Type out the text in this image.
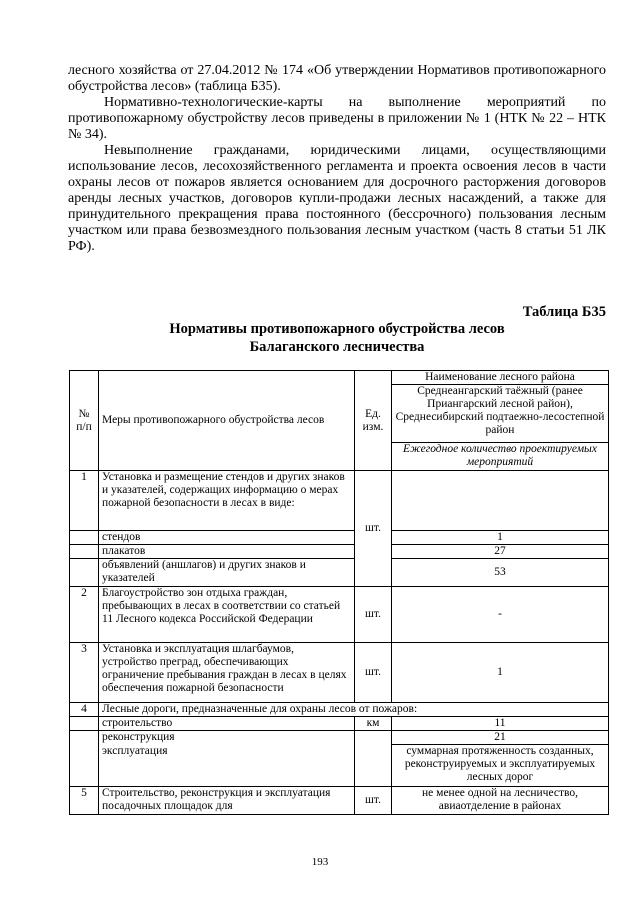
лесного хозяйства от 27.04.2012 № 174 «Об утверждении Нормативов противопожарного обустройства лесов» (таблица Б35).

Нормативно-технологические-карты на выполнение мероприятий по противопожарному обустройству лесов приведены в приложении № 1 (НТК № 22 – НТК № 34).

Невыполнение гражданами, юридическими лицами, осуществляющими использование лесов, лесохозяйственного регламента и проекта освоения лесов в части охраны лесов от пожаров является основанием для досрочного расторжения договоров аренды лесных участков, договоров купли-продажи лесных насаждений, а также для принудительного прекращения права постоянного (бессрочного) пользования лесным участком или права безвозмездного пользования лесным участком (часть 8 статьи 51 ЛК РФ).

Таблица Б35
Нормативы противопожарного обустройства лесов
Балаганского лесничества
№ п/п	Меры противопожарного обустройства лесов	Ед. изм.	Наименование лесного района
			Среднеангарский таёжный (ранее Приангарский лесной район), Среднесибирский подтаежно-лесостепной район
			Ежегодное количество проектируемых мероприятий
1	Установка и размещение стендов и других знаков и указателей, содержащих информацию о мерах пожарной безопасности в лесах в виде:	шт.	
	стендов		1
	плакатов		27
	объявлений (аншлагов) и других знаков и указателей		53
2	Благоустройство зон отдыха граждан, пребывающих в лесах в соответствии со статьей 11 Лесного кодекса Российской Федерации	шт.	-
3	Установка и эксплуатация шлагбаумов, устройство преград, обеспечивающих ограничение пребывания граждан в лесах в целях обеспечения пожарной безопасности	шт.	1
4	Лесные дороги, предназначенные для охраны лесов от пожаров:		
	строительство	км	11
	реконструкция		21
	эксплуатация		суммарная протяженность созданных, реконструируемых и эксплуатируемых лесных дорог
5	Строительство, реконструкция и эксплуатация посадочных площадок для	шт.	не менее одной на лесничество, авиаотделение в районах
193
